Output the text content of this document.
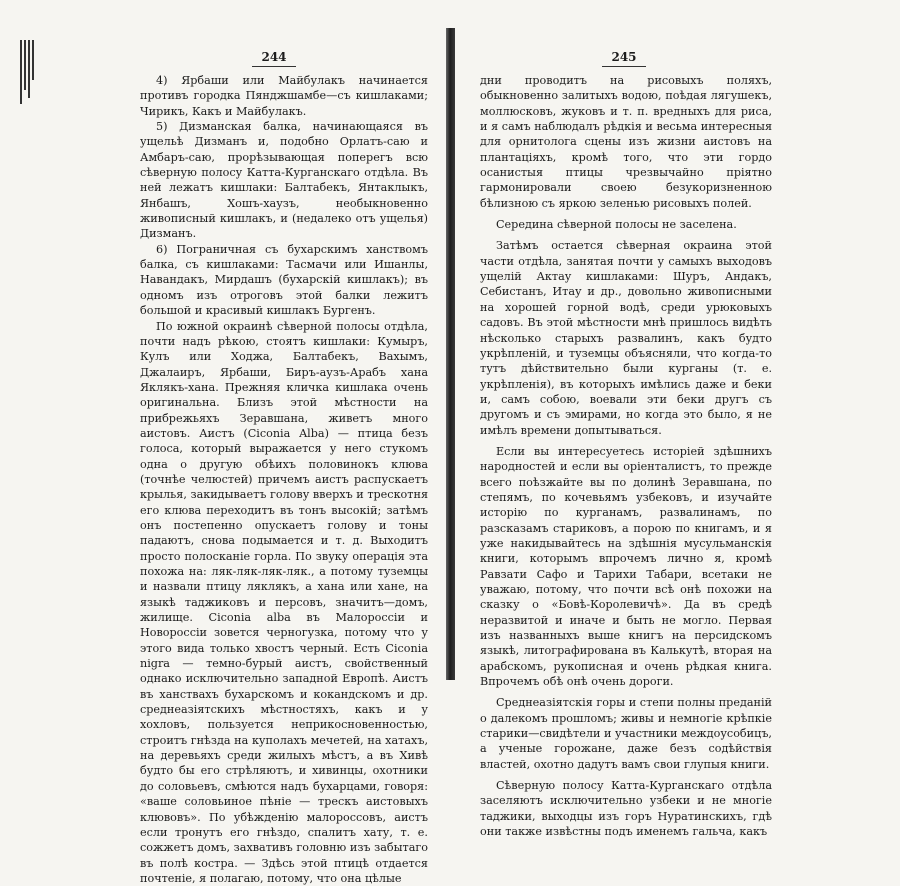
244

4) Ярбаши или Майбулакъ начинается противъ городка Пянджшамбе—съ кишлаками; Чирикъ, Какъ и Майбулакъ.

5) Дизманская балка, начинающаяся въ ущельѣ Дизманъ и, подобно Орлатъ-саю и Амбаръ-саю, прорѣзывающая поперегъ всю сѣверную полосу Катта-Курганскаго отдѣла. Въ ней лежатъ кишлаки: Балтабекъ, Янтаклыкъ, Янбашъ, Хошъ-хаузъ, необыкновенно живописный кишлакъ, и (недалеко отъ ущелья) Дизманъ.

6) Пограничная съ бухарскимъ ханствомъ балка, съ кишлаками: Тасмачи или Ишанлы, Навандакъ, Мирдашъ (бухарскій кишлакъ); въ одномъ изъ отроговъ этой балки лежитъ большой и красивый кишлакъ Бургенъ.

По южной окраинѣ сѣверной полосы отдѣла, почти надъ рѣкою, стоятъ кишлаки: Кумыръ, Кулъ или Ходжа, Балтабекъ, Вахымъ, Джалаиръ, Ярбаши, Биръ-аузъ-Арабъ хана Яклякъ-хана. Прежняя кличка кишлака очень оригинальна. Близъ этой мѣстности на прибрежьяхъ Зеравшана, живетъ много аистовъ. Аистъ (Ciconia Alba) — птица безъ голоса, который выражается у него стукомъ одна о другую обѣихъ половинокъ клюва (точнѣе челюстей) причемъ аистъ распускаетъ крылья, закидываетъ голову вверхъ и трескотня его клюва переходитъ въ тонъ высокій; затѣмъ онъ постепенно опускаетъ голову и тоны падаютъ, снова подымается и т. д. Выходитъ просто полосканіе горла. По звуку операція эта похожа на: ляк-ляк-ляк-ляк., а потому туземцы и назвали птицу ляклякъ, а хана или хане, на языкѣ таджиковъ и персовъ, значитъ—домъ, жилище. Ciconia alba въ Малороссіи и Новороссіи зовется черногузка, потому что у этого вида только хвостъ черный. Есть Ciconia nigra — темно-бурый аистъ, свойственный однако исключительно западной Европѣ. Аистъ въ ханствахъ бухарскомъ и кокандскомъ и др. среднеазіятскихъ мѣстностяхъ, какъ и у хохловъ, пользуется неприкосновенностью, строитъ гнѣзда на куполахъ мечетей, на хатахъ, на деревьяхъ среди жилыхъ мѣстъ, а въ Хивѣ будто бы его стрѣляютъ, и хивинцы, охотники до соловьевъ, смѣются надъ бухарцами, говоря: «ваше соловьиное пѣніе — трескъ аистовыхъ клювовъ». По убѣжденію малороссовъ, аистъ если тронутъ его гнѣздо, спалитъ хату, т. е. сожжетъ домъ, захвативъ головню изъ забытаго въ полѣ костра. — Здѣсь этой птицѣ отдается почтеніе, я полагаю, потому, что она цѣлые

245

дни проводитъ на рисовыхъ поляхъ, обыкновенно залитыхъ водою, поѣдая лягушекъ, моллюсковъ, жуковъ и т. п. вредныхъ для риса, и я самъ наблюдалъ рѣдкія и весьма интересныя для орнитолога сцены изъ жизни аистовъ на плантаціяхъ, кромѣ того, что эти гордо осанистыя птицы чрезвычайно пріятно гармонировали своею безукоризненною бѣлизною съ яркою зеленью рисовыхъ полей.

Середина сѣверной полосы не заселена.

Затѣмъ остается сѣверная окраина этой части отдѣла, занятая почти у самыхъ выходовъ ущелій Актау кишлаками: Шуръ, Андакъ, Себистанъ, Итау и др., довольно живописными на хорошей горной водѣ, среди урюковыхъ садовъ. Въ этой мѣстности мнѣ пришлось видѣть нѣсколько старыхъ развалинъ, какъ будто укрѣпленій, и туземцы объясняли, что когда-то тутъ дѣйствительно были курганы (т. е. укрѣпленія), въ которыхъ имѣлись даже и беки и, самъ собою, воевали эти беки другъ съ другомъ и съ эмирами, но когда это было, я не имѣлъ времени допытываться.

Если вы интересуетесь исторіей здѣшнихъ народностей и если вы оріенталистъ, то прежде всего поѣзжайте вы по долинѣ Зеравшана, по степямъ, по кочевьямъ узбековъ, и изучайте исторію по курганамъ, развалинамъ, по разсказамъ стариковъ, а порою по книгамъ, и я уже накидывайтесь на здѣшнія мусульманскія книги, которымъ впрочемъ лично я, кромѣ Равзати Сафо и Тарихи Табари, всетаки не уважаю, потому, что почти всѣ онѣ похожи на сказку о «Бовѣ-Королевичѣ». Да въ средѣ неразвитой и иначе и быть не могло. Первая изъ названныхъ выше книгъ на персидскомъ языкѣ, литографирована въ Калькутѣ, вторая на арабскомъ, рукописная и очень рѣдкая книга. Впрочемъ обѣ онѣ очень дороги.

Среднеазіятскія горы и степи полны преданій о далекомъ прошломъ; живы и немногіе крѣпкіе старики—свидѣтели и участники междоусобицъ, а ученые горожане, даже безъ содѣйствія властей, охотно дадутъ вамъ свои глупыя книги.

Сѣверную полосу Катта-Курганскаго отдѣла заселяютъ исключительно узбеки и не многіе таджики, выходцы изъ горъ Нуратинскихъ, гдѣ они также извѣстны подъ именемъ гальча, какъ
